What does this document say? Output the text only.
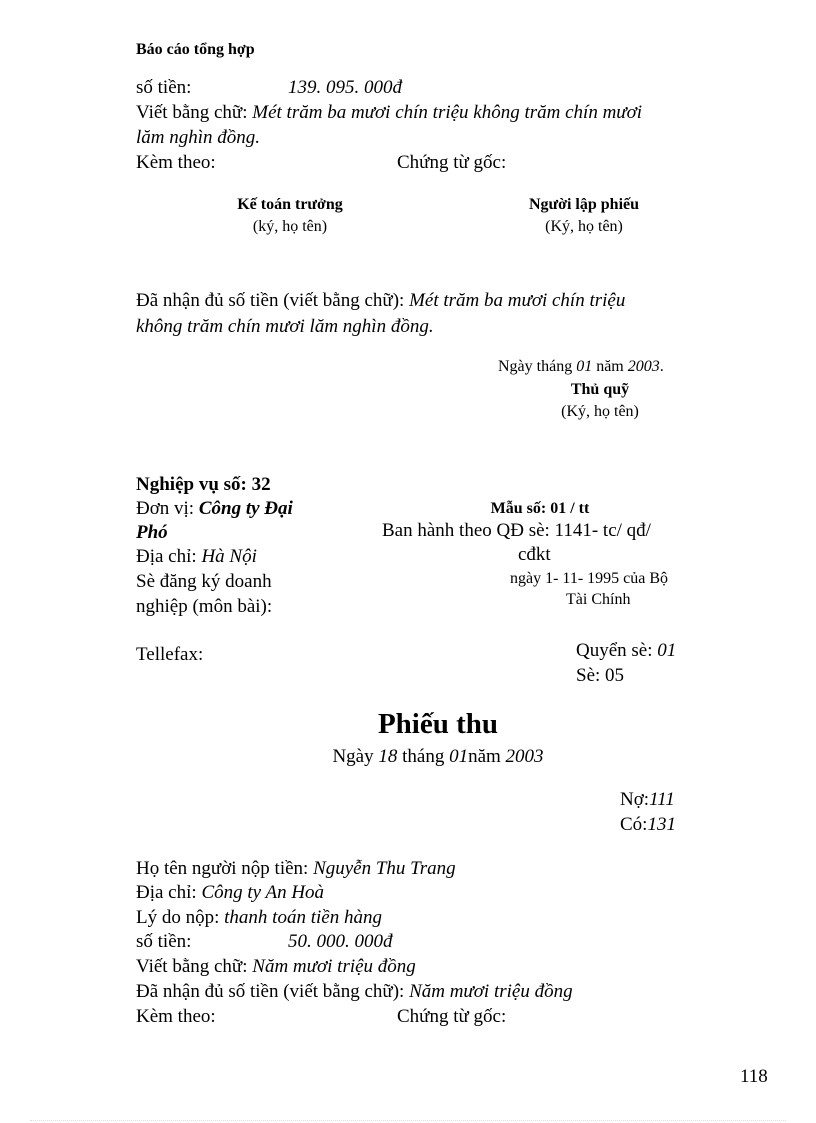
Báo cáo tổng hợp
số tiền:	139. 095. 000đ
Viết bằng chữ: Mét trăm ba mươi chín triệu không trăm chín mươi
lăm nghìn đồng.
Kèm theo:	Chứng từ gốc:
Kế toán trưởng
(ký, họ tên)
Người lập phiếu
(Ký, họ tên)
Đã nhận đủ số tiền (viết bằng chữ): Mét trăm ba mươi chín triệu
không trăm chín mươi lăm nghìn đồng.
Ngày tháng 01 năm 2003.
Thủ quỹ
(Ký, họ tên)
Nghiệp vụ số: 32
Đơn vị: Công ty Đại
Phó
Địa chỉ: Hà Nội
Sè đăng ký doanh
nghiệp (môn bài):
Tellefax:
Mẫu số: 01 / tt
Ban hành theo QĐ sè: 1141- tc/ qđ/
cđkt
ngày 1- 11- 1995 của Bộ
Tài Chính
Quyển sè: 01
Sè: 05
Phiếu thu
Ngày 18 tháng 01năm 2003
Nợ:111
Có:131
Họ tên người nộp tiền: Nguyễn Thu Trang
Địa chỉ: Công ty An Hoà
Lý do nộp: thanh toán tiền hàng
số tiền:	50. 000. 000đ
Viết bằng chữ: Năm mươi triệu đồng
Đã nhận đủ số tiền (viết bằng chữ): Năm mươi triệu đồng
Kèm theo:	Chứng từ gốc:
118
